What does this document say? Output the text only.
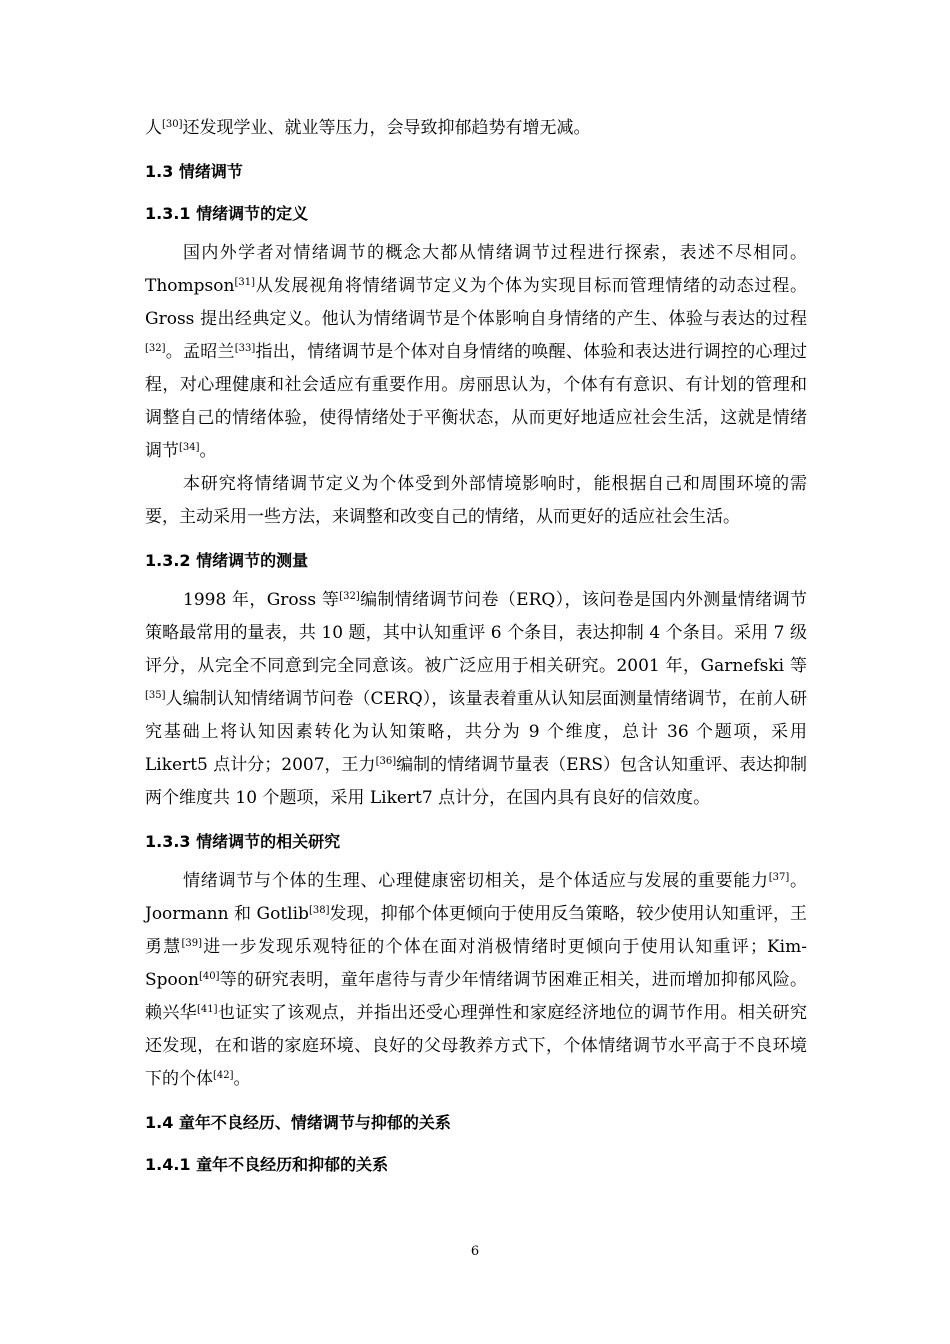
人[30]还发现学业、就业等压力，会导致抑郁趋势有增无减。

1.3 情绪调节
1.3.1 情绪调节的定义

国内外学者对情绪调节的概念大都从情绪调节过程进行探索，表述不尽相同。Thompson[31]从发展视角将情绪调节定义为个体为实现目标而管理情绪的动态过程。Gross 提出经典定义。他认为情绪调节是个体影响自身情绪的产生、体验与表达的过程[32]。孟昭兰[33]指出，情绪调节是个体对自身情绪的唤醒、体验和表达进行调控的心理过程，对心理健康和社会适应有重要作用。房丽思认为，个体有有意识、有计划的管理和调整自己的情绪体验，使得情绪处于平衡状态，从而更好地适应社会生活，这就是情绪调节[34]。

本研究将情绪调节定义为个体受到外部情境影响时，能根据自己和周围环境的需要，主动采用一些方法，来调整和改变自己的情绪，从而更好的适应社会生活。

1.3.2 情绪调节的测量

1998 年，Gross 等[32]编制情绪调节问卷（ERQ），该问卷是国内外测量情绪调节策略最常用的量表，共 10 题，其中认知重评 6 个条目，表达抑制 4 个条目。采用 7 级评分，从完全不同意到完全同意该。被广泛应用于相关研究。2001 年，Garnefski 等[35]人编制认知情绪调节问卷（CERQ），该量表着重从认知层面测量情绪调节，在前人研究基础上将认知因素转化为认知策略，共分为 9 个维度，总计 36 个题项，采用 Likert5 点计分；2007，王力[36]编制的情绪调节量表（ERS）包含认知重评、表达抑制两个维度共 10 个题项，采用 Likert7 点计分，在国内具有良好的信效度。

1.3.3 情绪调节的相关研究

情绪调节与个体的生理、心理健康密切相关，是个体适应与发展的重要能力[37]。Joormann 和 Gotlib[38]发现，抑郁个体更倾向于使用反刍策略，较少使用认知重评，王勇慧[39]进一步发现乐观特征的个体在面对消极情绪时更倾向于使用认知重评；Kim-Spoon[40]等的研究表明，童年虐待与青少年情绪调节困难正相关，进而增加抑郁风险。赖兴华[41]也证实了该观点，并指出还受心理弹性和家庭经济地位的调节作用。相关研究还发现，在和谐的家庭环境、良好的父母教养方式下，个体情绪调节水平高于不良环境下的个体[42]。

1.4 童年不良经历、情绪调节与抑郁的关系
1.4.1 童年不良经历和抑郁的关系
6
